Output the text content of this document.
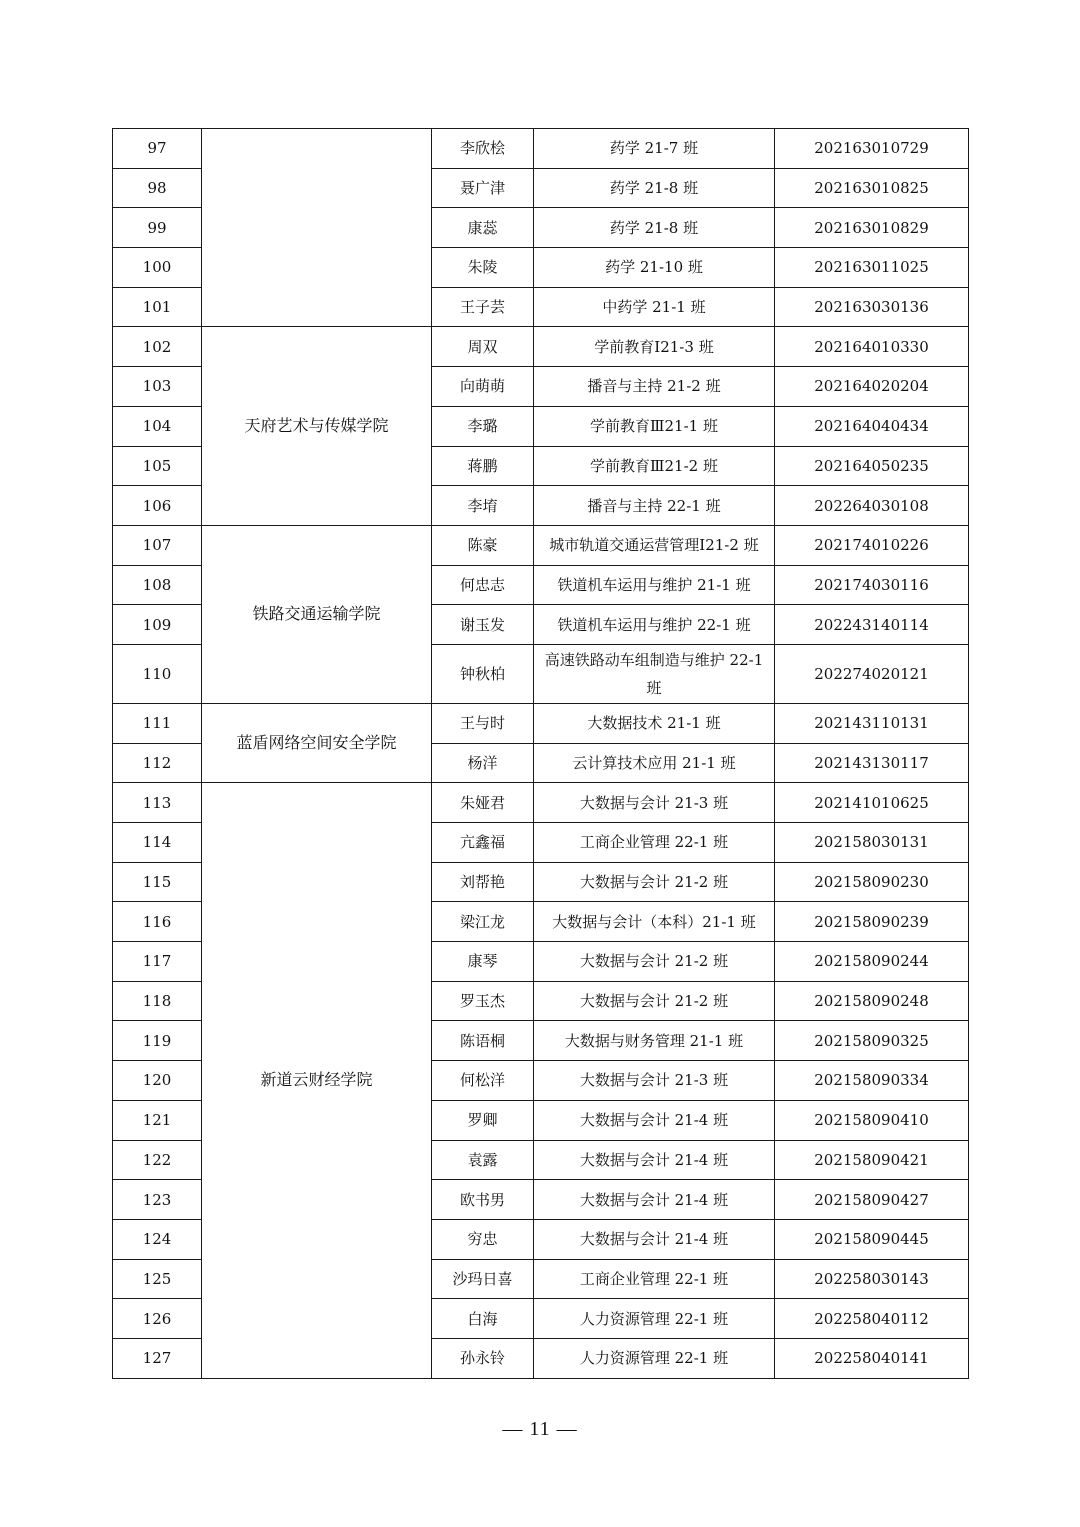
97		李欣桧	药学 21-7 班	202163010729
98		聂广津	药学 21-8 班	202163010825
99		康蕊	药学 21-8 班	202163010829
100		朱陵	药学 21-10 班	202163011025
101		王子芸	中药学 21-1 班	202163030136
102	天府艺术与传媒学院	周双	学前教育Ⅰ21-3 班	202164010330
103		向萌萌	播音与主持 21-2 班	202164020204
104		李璐	学前教育Ⅲ21-1 班	202164040434
105		蒋鹏	学前教育Ⅲ21-2 班	202164050235
106		李堉	播音与主持 22-1 班	202264030108
107	铁路交通运输学院	陈豪	城市轨道交通运营管理Ⅰ21-2 班	202174010226
108		何忠志	铁道机车运用与维护 21-1 班	202174030116
109		谢玉发	铁道机车运用与维护 22-1 班	202243140114
110		钟秋柏	高速铁路动车组制造与维护 22-1 班	202274020121
111	蓝盾网络空间安全学院	王与时	大数据技术 21-1 班	202143110131
112		杨洋	云计算技术应用 21-1 班	202143130117
113	新道云财经学院	朱娅君	大数据与会计 21-3 班	202141010625
114		亢鑫福	工商企业管理 22-1 班	202158030131
115		刘帮艳	大数据与会计 21-2 班	202158090230
116		梁江龙	大数据与会计（本科）21-1 班	202158090239
117		康琴	大数据与会计 21-2 班	202158090244
118		罗玉杰	大数据与会计 21-2 班	202158090248
119		陈语桐	大数据与财务管理 21-1 班	202158090325
120		何松洋	大数据与会计 21-3 班	202158090334
121		罗卿	大数据与会计 21-4 班	202158090410
122		袁露	大数据与会计 21-4 班	202158090421
123		欧书男	大数据与会计 21-4 班	202158090427
124		穷忠	大数据与会计 21-4 班	202158090445
125		沙玛日喜	工商企业管理 22-1 班	202258030143
126		白海	人力资源管理 22-1 班	202258040112
127		孙永铃	人力资源管理 22-1 班	202258040141
— 11 —
